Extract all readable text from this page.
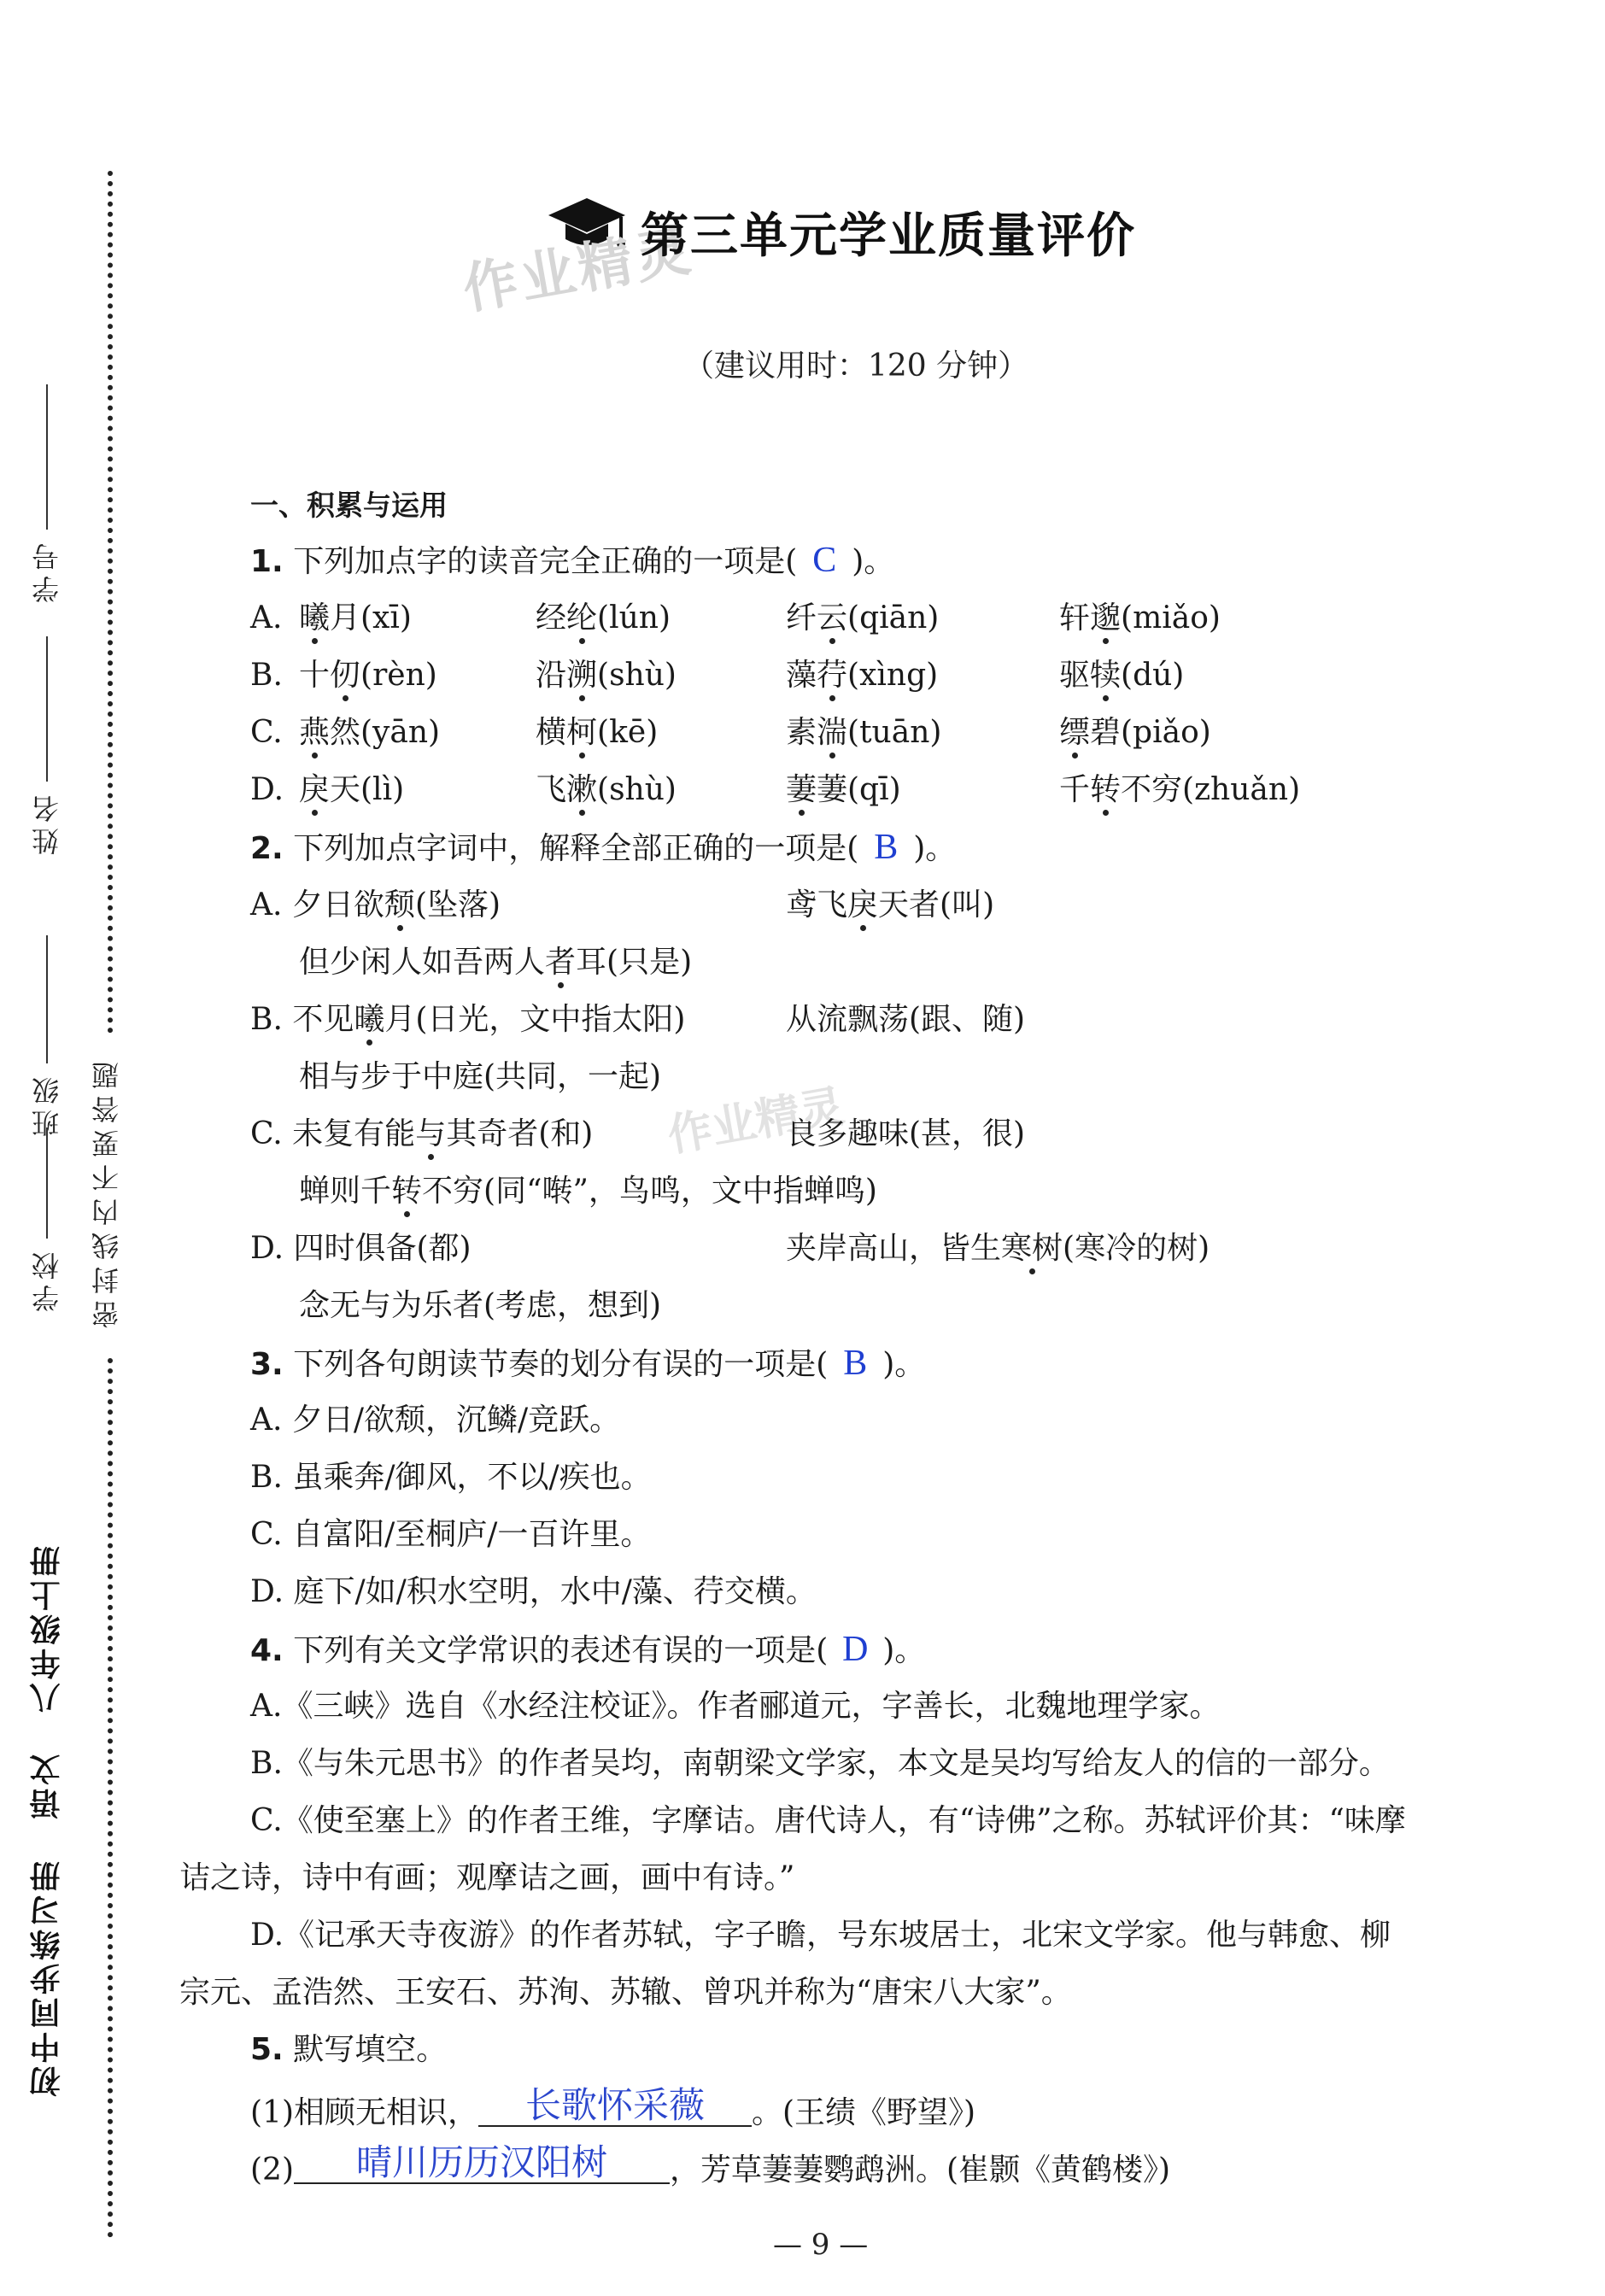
密封线内不要答题
学校
班级
姓名
学号
初中同步练习册 语文 八年级上册
作业精灵
作业精灵
第三单元学业质量评价
（建议用时：120 分钟）
一、积累与运用
1. 下列加点字的读音完全正确的一项是( C )。
A. 曦月(xī)	经纶(lún)	纤云(qiān)	轩邈(miǎo)
B. 十仞(rèn)	沿溯(shù)	藻荇(xìng)	驱犊(dú)
C. 燕然(yān)	横柯(kē)	素湍(tuān)	缥碧(piǎo)
D. 戾天(lì)	飞漱(shù)	萋萋(qī)	千转不穷(zhuǎn)
2. 下列加点字词中，解释全部正确的一项是( B )。
A. 夕日欲颓(坠落)	鸢飞戾天者(叫)
但少闲人如吾两人者耳(只是)
B. 不见曦月(日光，文中指太阳)	从流飘荡(跟、随)
相与步于中庭(共同，一起)
C. 未复有能与其奇者(和)	良多趣味(甚，很)
蝉则千转不穷(同“啭”，鸟鸣，文中指蝉鸣)
D. 四时俱备(都)	夹岸高山，皆生寒树(寒冷的树)
念无与为乐者(考虑，想到)
3. 下列各句朗读节奏的划分有误的一项是( B )。
A. 夕日/欲颓，沉鳞/竞跃。
B. 虽乘奔/御风，不以/疾也。
C. 自富阳/至桐庐/一百许里。
D. 庭下/如/积水空明，水中/藻、荇交横。
4. 下列有关文学常识的表述有误的一项是( D )。
A.《三峡》选自《水经注校证》。作者郦道元，字善长，北魏地理学家。
B.《与朱元思书》的作者吴均，南朝梁文学家，本文是吴均写给友人的信的一部分。
C.《使至塞上》的作者王维，字摩诘。唐代诗人，有“诗佛”之称。苏轼评价其：“味摩
诘之诗，诗中有画；观摩诘之画，画中有诗。”
D.《记承天寺夜游》的作者苏轼，字子瞻，号东坡居士，北宋文学家。他与韩愈、柳
宗元、孟浩然、王安石、苏洵、苏辙、曾巩并称为“唐宋八大家”。
5. 默写填空。
(1)相顾无相识， 长歌怀采薇 。(王绩《野望》)
(2) 晴川历历汉阳树 ，芳草萋萋鹦鹉洲。(崔颢《黄鹤楼》)
— 9 —
